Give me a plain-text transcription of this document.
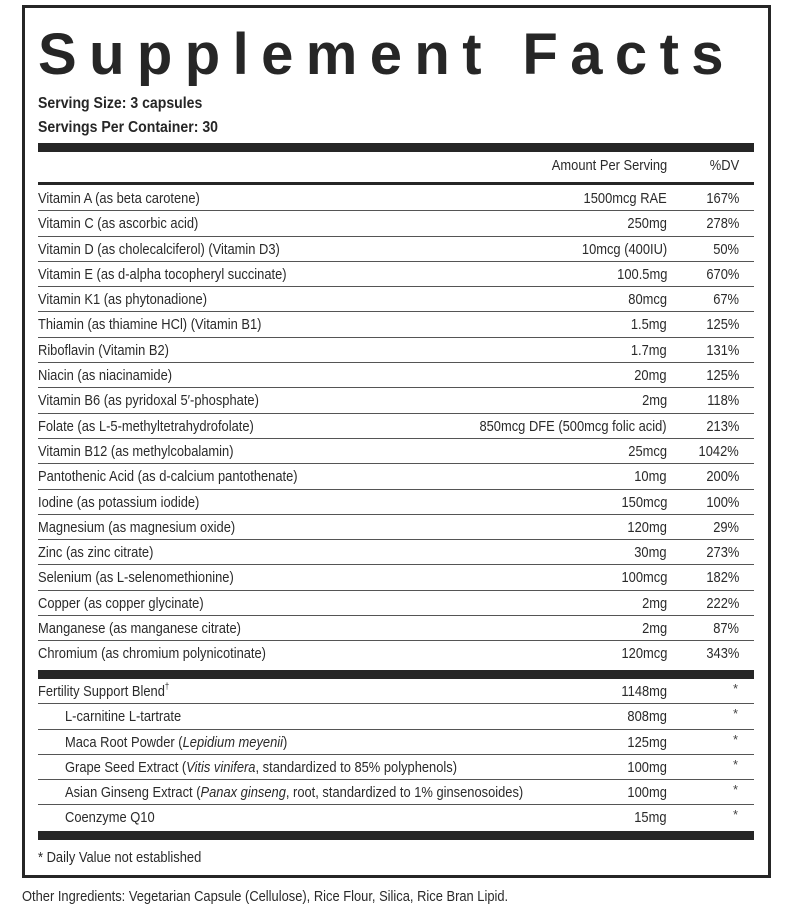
Supplement Facts
Serving Size: 3 capsules
Servings Per Container: 30
Amount Per Serving	%DV
Vitamin A (as beta carotene)	1500mcg RAE	167%
Vitamin C (as ascorbic acid)	250mg	278%
Vitamin D (as cholecalciferol) (Vitamin D3)	10mcg (400IU)	50%
Vitamin E (as d-alpha tocopheryl succinate)	100.5mg	670%
Vitamin K1 (as phytonadione)	80mcg	67%
Thiamin (as thiamine HCl) (Vitamin B1)	1.5mg	125%
Riboflavin (Vitamin B2)	1.7mg	131%
Niacin (as niacinamide)	20mg	125%
Vitamin B6 (as pyridoxal 5′-phosphate)	2mg	118%
Folate (as L-5-methyltetrahydrofolate)	850mcg DFE (500mcg folic acid)	213%
Vitamin B12 (as methylcobalamin)	25mcg 1042%
Pantothenic Acid (as d-calcium pantothenate)	10mg	200%
Iodine (as potassium iodide)	150mcg	100%
Magnesium (as magnesium oxide)	120mg	29%
Zinc (as zinc citrate)	30mg	273%
Selenium (as L-selenomethionine)	100mcg	182%
Copper (as copper glycinate)	2mg	222%
Manganese (as manganese citrate)	2mg	87%
Chromium (as chromium polynicotinate)	120mcg	343%
Fertility Support Blend†	1148mg	*
L-carnitine L-tartrate	808mg	*
Maca Root Powder (Lepidium meyenii)	125mg	*
Grape Seed Extract (Vitis vinifera, standardized to 85% polyphenols)	100mg	*
Asian Ginseng Extract (Panax ginseng, root, standardized to 1% ginsenosoides)	100mg	*
Coenzyme Q10	15mg	*
* Daily Value not established
Other Ingredients: Vegetarian Capsule (Cellulose), Rice Flour, Silica, Rice Bran Lipid.
